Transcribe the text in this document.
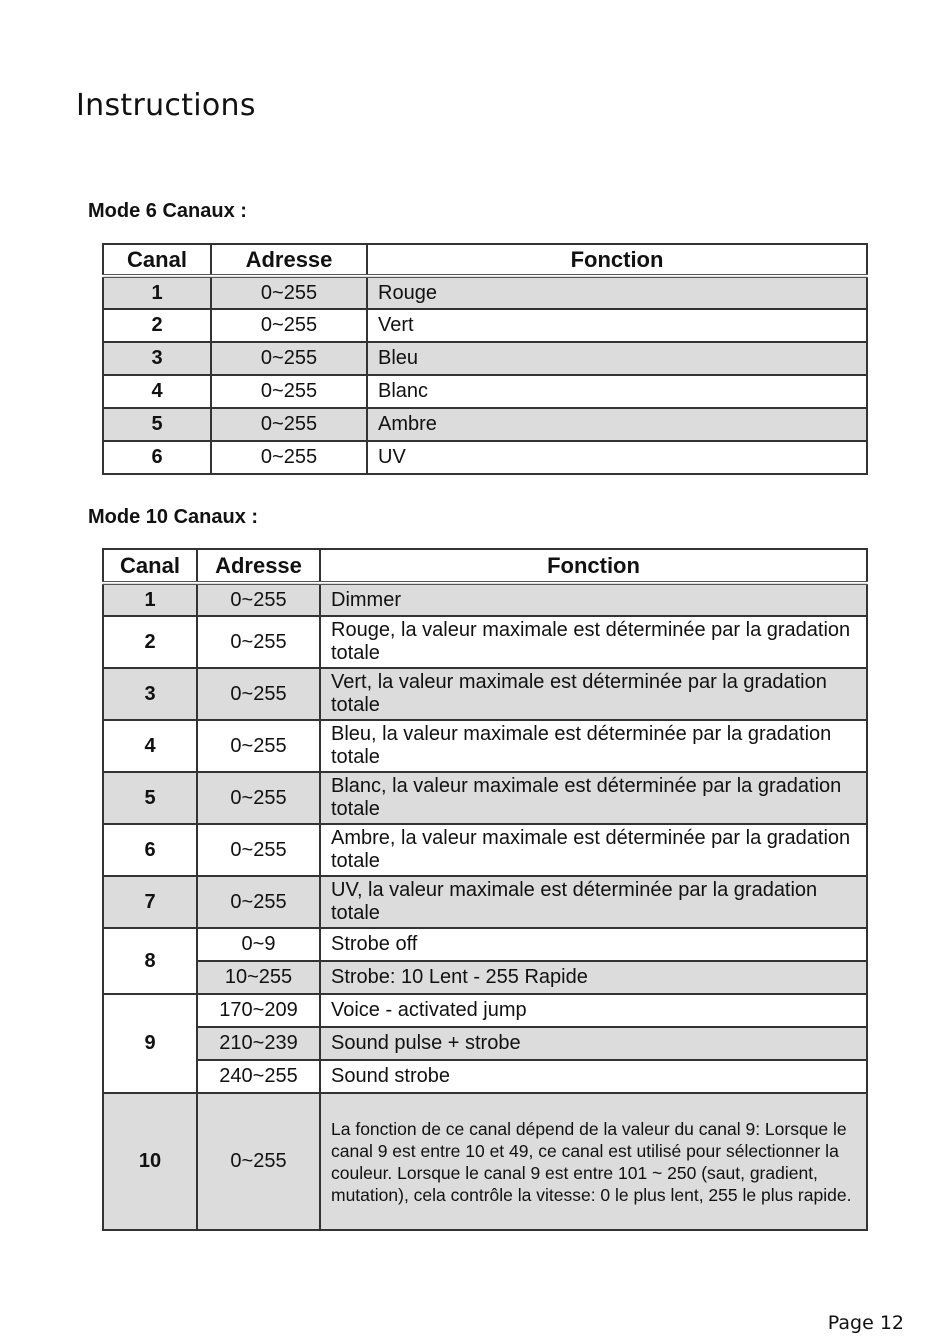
Instructions
Mode 6 Canaux :
Canal	Adresse	Fonction
1	0~255	Rouge
2	0~255	Vert
3	0~255	Bleu
4	0~255	Blanc
5	0~255	Ambre
6	0~255	UV
Mode 10 Canaux :
Canal	Adresse	Fonction
1	0~255	Dimmer
2	0~255	Rouge, la valeur maximale est déterminée par la gradation totale
3	0~255	Vert, la valeur maximale est déterminée par la gradation totale
4	0~255	Bleu, la valeur maximale est déterminée par la gradation totale
5	0~255	Blanc, la valeur maximale est déterminée par la gradation totale
6	0~255	Ambre, la valeur maximale est déterminée par la gradation totale
7	0~255	UV, la valeur maximale est déterminée par la gradation totale
8	0~9	Strobe off
	10~255	Strobe: 10 Lent - 255 Rapide
9	170~209	Voice - activated jump
	210~239	Sound pulse + strobe
	240~255	Sound strobe
10	0~255	La fonction de ce canal dépend de la valeur du canal 9: Lorsque le canal 9 est entre 10 et 49, ce canal est utilisé pour sélectionner la couleur. Lorsque le canal 9 est entre 101 ~ 250 (saut, gradient, mutation), cela contrôle la vitesse: 0 le plus lent, 255 le plus rapide.
Page 12
